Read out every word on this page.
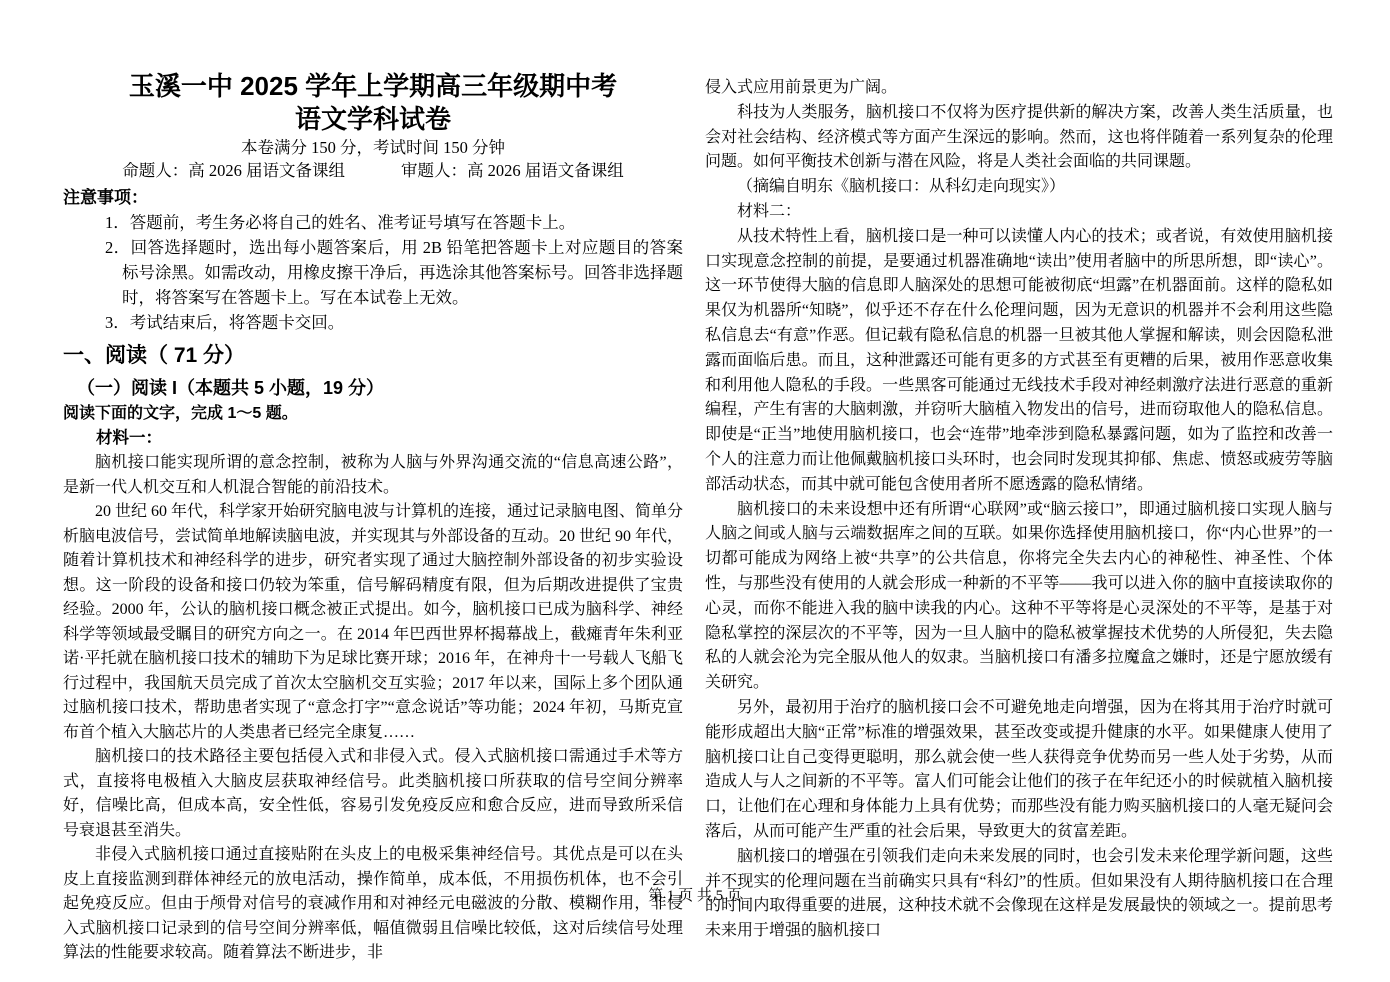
玉溪一中 2025 学年上学期高三年级期中考
语文学科试卷
本卷满分 150 分，考试时间 150 分钟
命题人：高 2026 届语文备课组	审题人：高 2026 届语文备课组
注意事项：
1．答题前，考生务必将自己的姓名、准考证号填写在答题卡上。
2．回答选择题时，选出每小题答案后，用 2B 铅笔把答题卡上对应题目的答案标号涂黑。如需改动，用橡皮擦干净后，再选涂其他答案标号。回答非选择题时，将答案写在答题卡上。写在本试卷上无效。
3．考试结束后，将答题卡交回。
一、阅读（ 71 分）
（一）阅读 I（本题共 5 小题，19 分）
阅读下面的文字，完成 1～5 题。
材料一：

脑机接口能实现所谓的意念控制，被称为人脑与外界沟通交流的“信息高速公路”，是新一代人机交互和人机混合智能的前沿技术。

20 世纪 60 年代，科学家开始研究脑电波与计算机的连接，通过记录脑电图、简单分析脑电波信号，尝试简单地解读脑电波，并实现其与外部设备的互动。20 世纪 90 年代，随着计算机技术和神经科学的进步，研究者实现了通过大脑控制外部设备的初步实验设想。这一阶段的设备和接口仍较为笨重，信号解码精度有限，但为后期改进提供了宝贵经验。2000 年，公认的脑机接口概念被正式提出。如今，脑机接口已成为脑科学、神经科学等领域最受瞩目的研究方向之一。在 2014 年巴西世界杯揭幕战上，截瘫青年朱利亚诺·平托就在脑机接口技术的辅助下为足球比赛开球；2016 年，在神舟十一号载人飞船飞行过程中，我国航天员完成了首次太空脑机交互实验；2017 年以来，国际上多个团队通过脑机接口技术，帮助患者实现了“意念打字”“意念说话”等功能；2024 年初，马斯克宣布首个植入大脑芯片的人类患者已经完全康复……

脑机接口的技术路径主要包括侵入式和非侵入式。侵入式脑机接口需通过手术等方式，直接将电极植入大脑皮层获取神经信号。此类脑机接口所获取的信号空间分辨率好，信噪比高，但成本高，安全性低，容易引发免疫反应和愈合反应，进而导致所采信号衰退甚至消失。

非侵入式脑机接口通过直接贴附在头皮上的电极采集神经信号。其优点是可以在头皮上直接监测到群体神经元的放电活动，操作简单，成本低，不用损伤机体，也不会引起免疫反应。但由于颅骨对信号的衰减作用和对神经元电磁波的分散、模糊作用，非侵入式脑机接口记录到的信号空间分辨率低，幅值微弱且信噪比较低，这对后续信号处理算法的性能要求较高。随着算法不断进步，非

侵入式应用前景更为广阔。

科技为人类服务，脑机接口不仅将为医疗提供新的解决方案，改善人类生活质量，也会对社会结构、经济模式等方面产生深远的影响。然而，这也将伴随着一系列复杂的伦理问题。如何平衡技术创新与潜在风险，将是人类社会面临的共同课题。

（摘编自明东《脑机接口：从科幻走向现实》）

材料二：

从技术特性上看，脑机接口是一种可以读懂人内心的技术；或者说，有效使用脑机接口实现意念控制的前提，是要通过机器准确地“读出”使用者脑中的所思所想，即“读心”。这一环节使得大脑的信息即人脑深处的思想可能被彻底“坦露”在机器面前。这样的隐私如果仅为机器所“知晓”，似乎还不存在什么伦理问题，因为无意识的机器并不会利用这些隐私信息去“有意”作恶。但记载有隐私信息的机器一旦被其他人掌握和解读，则会因隐私泄露而面临后患。而且，这种泄露还可能有更多的方式甚至有更糟的后果，被用作恶意收集和利用他人隐私的手段。一些黑客可能通过无线技术手段对神经刺激疗法进行恶意的重新编程，产生有害的大脑刺激，并窃听大脑植入物发出的信号，进而窃取他人的隐私信息。即使是“正当”地使用脑机接口，也会“连带”地牵涉到隐私暴露问题，如为了监控和改善一个人的注意力而让他佩戴脑机接口头环时，也会同时发现其抑郁、焦虑、愤怒或疲劳等脑部活动状态，而其中就可能包含使用者所不愿透露的隐私情绪。

脑机接口的未来设想中还有所谓“心联网”或“脑云接口”，即通过脑机接口实现人脑与人脑之间或人脑与云端数据库之间的互联。如果你选择使用脑机接口，你“内心世界”的一切都可能成为网络上被“共享”的公共信息，你将完全失去内心的神秘性、神圣性、个体性，与那些没有使用的人就会形成一种新的不平等——我可以进入你的脑中直接读取你的心灵，而你不能进入我的脑中读我的内心。这种不平等将是心灵深处的不平等，是基于对隐私掌控的深层次的不平等，因为一旦人脑中的隐私被掌握技术优势的人所侵犯，失去隐私的人就会沦为完全服从他人的奴隶。当脑机接口有潘多拉魔盒之嫌时，还是宁愿放缓有关研究。

另外，最初用于治疗的脑机接口会不可避免地走向增强，因为在将其用于治疗时就可能形成超出大脑“正常”标准的增强效果，甚至改变或提升健康的水平。如果健康人使用了脑机接口让自己变得更聪明，那么就会使一些人获得竞争优势而另一些人处于劣势，从而造成人与人之间新的不平等。富人们可能会让他们的孩子在年纪还小的时候就植入脑机接口，让他们在心理和身体能力上具有优势；而那些没有能力购买脑机接口的人毫无疑问会落后，从而可能产生严重的社会后果，导致更大的贫富差距。

脑机接口的增强在引领我们走向未来发展的同时，也会引发未来伦理学新问题，这些并不现实的伦理问题在当前确实只具有“科幻”的性质。但如果没有人期待脑机接口在合理的时间内取得重要的进展，这种技术就不会像现在这样是发展最快的领域之一。提前思考未来用于增强的脑机接口

第 1 页 共 5 页
